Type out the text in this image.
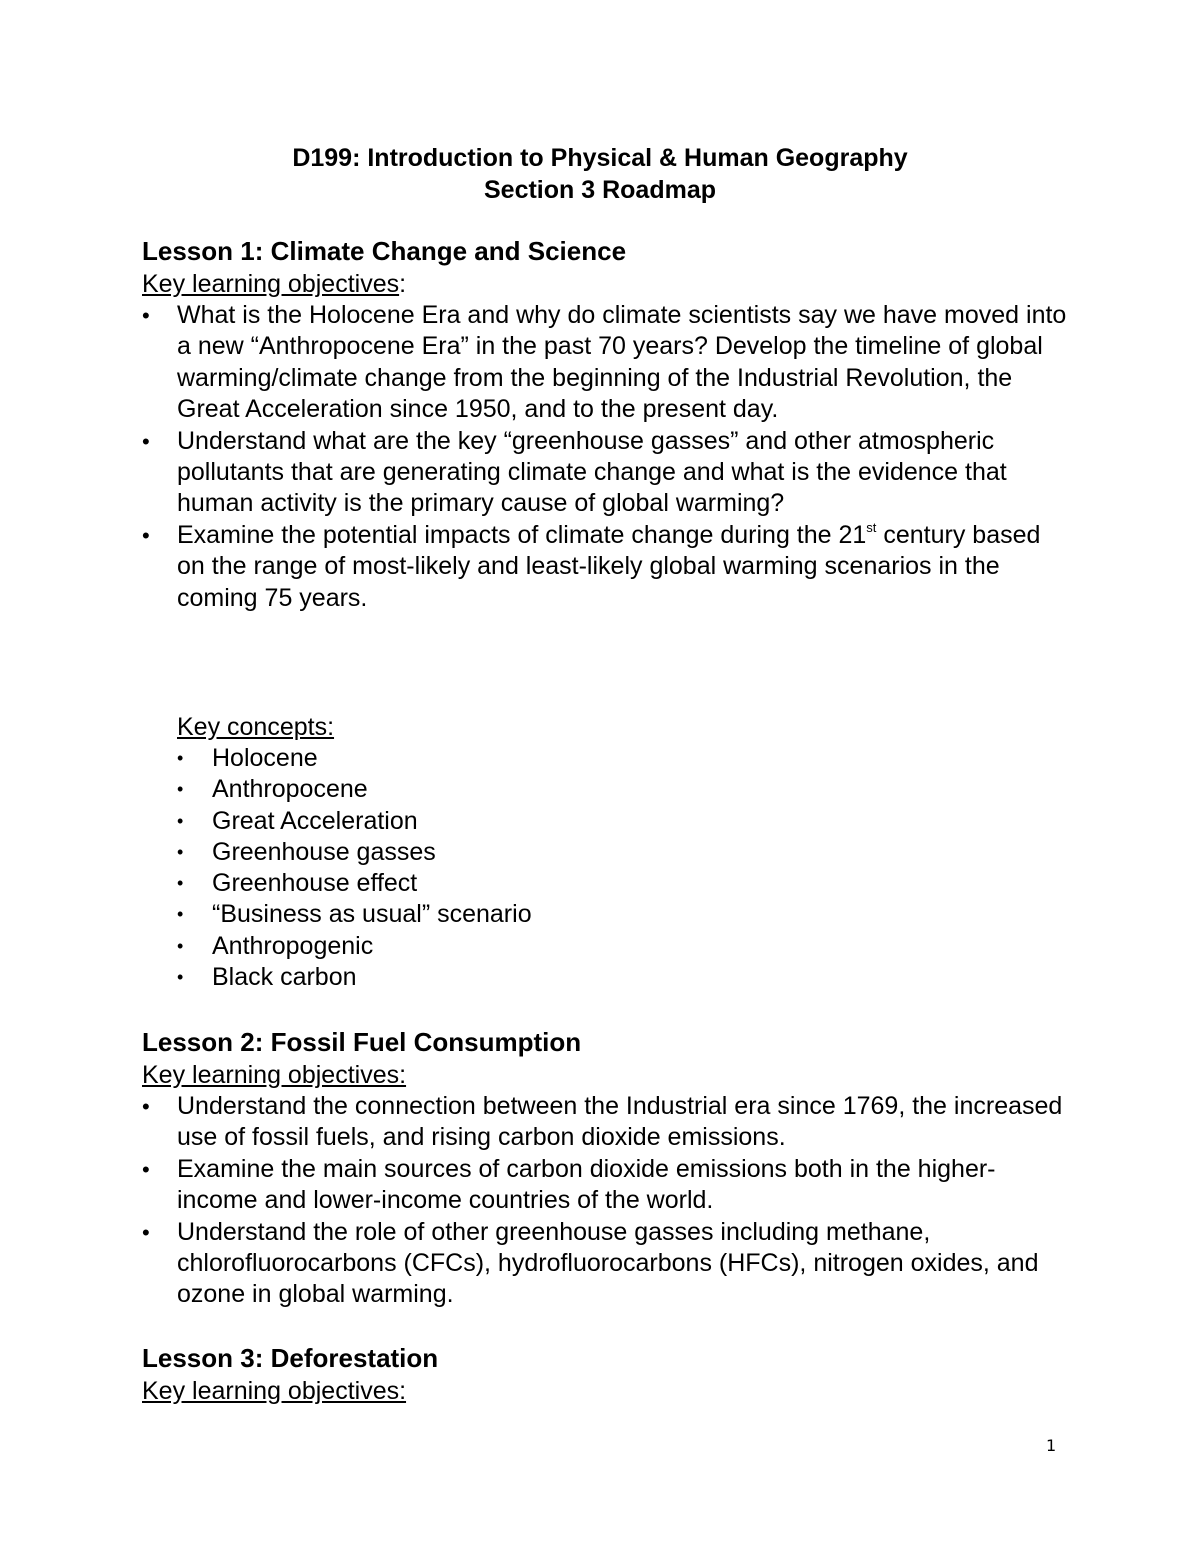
D199: Introduction to Physical & Human Geography
Section 3 Roadmap
Lesson 1: Climate Change and Science
Key learning objectives:
•	What is the Holocene Era and why do climate scientists say we have moved into a new “Anthropocene Era” in the past 70 years? Develop the timeline of global warming/climate change from the beginning of the Industrial Revolution, the Great Acceleration since 1950, and to the present day.
•	Understand what are the key “greenhouse gasses” and other atmospheric pollutants that are generating climate change and what is the evidence that human activity is the primary cause of global warming?
•	Examine the potential impacts of climate change during the 21st century based on the range of most-likely and least-likely global warming scenarios in the coming 75 years.
Key concepts:
• Holocene
• Anthropocene
• Great Acceleration
• Greenhouse gasses
• Greenhouse effect
• “Business as usual” scenario
• Anthropogenic
• Black carbon
Lesson 2: Fossil Fuel Consumption
Key learning objectives:
•	Understand the connection between the Industrial era since 1769, the increased use of fossil fuels, and rising carbon dioxide emissions.
•	Examine the main sources of carbon dioxide emissions both in the higher-income and lower-income countries of the world.
•	Understand the role of other greenhouse gasses including methane, chlorofluorocarbons (CFCs), hydrofluorocarbons (HFCs), nitrogen oxides, and ozone in global warming.
Lesson 3: Deforestation
Key learning objectives:
1
